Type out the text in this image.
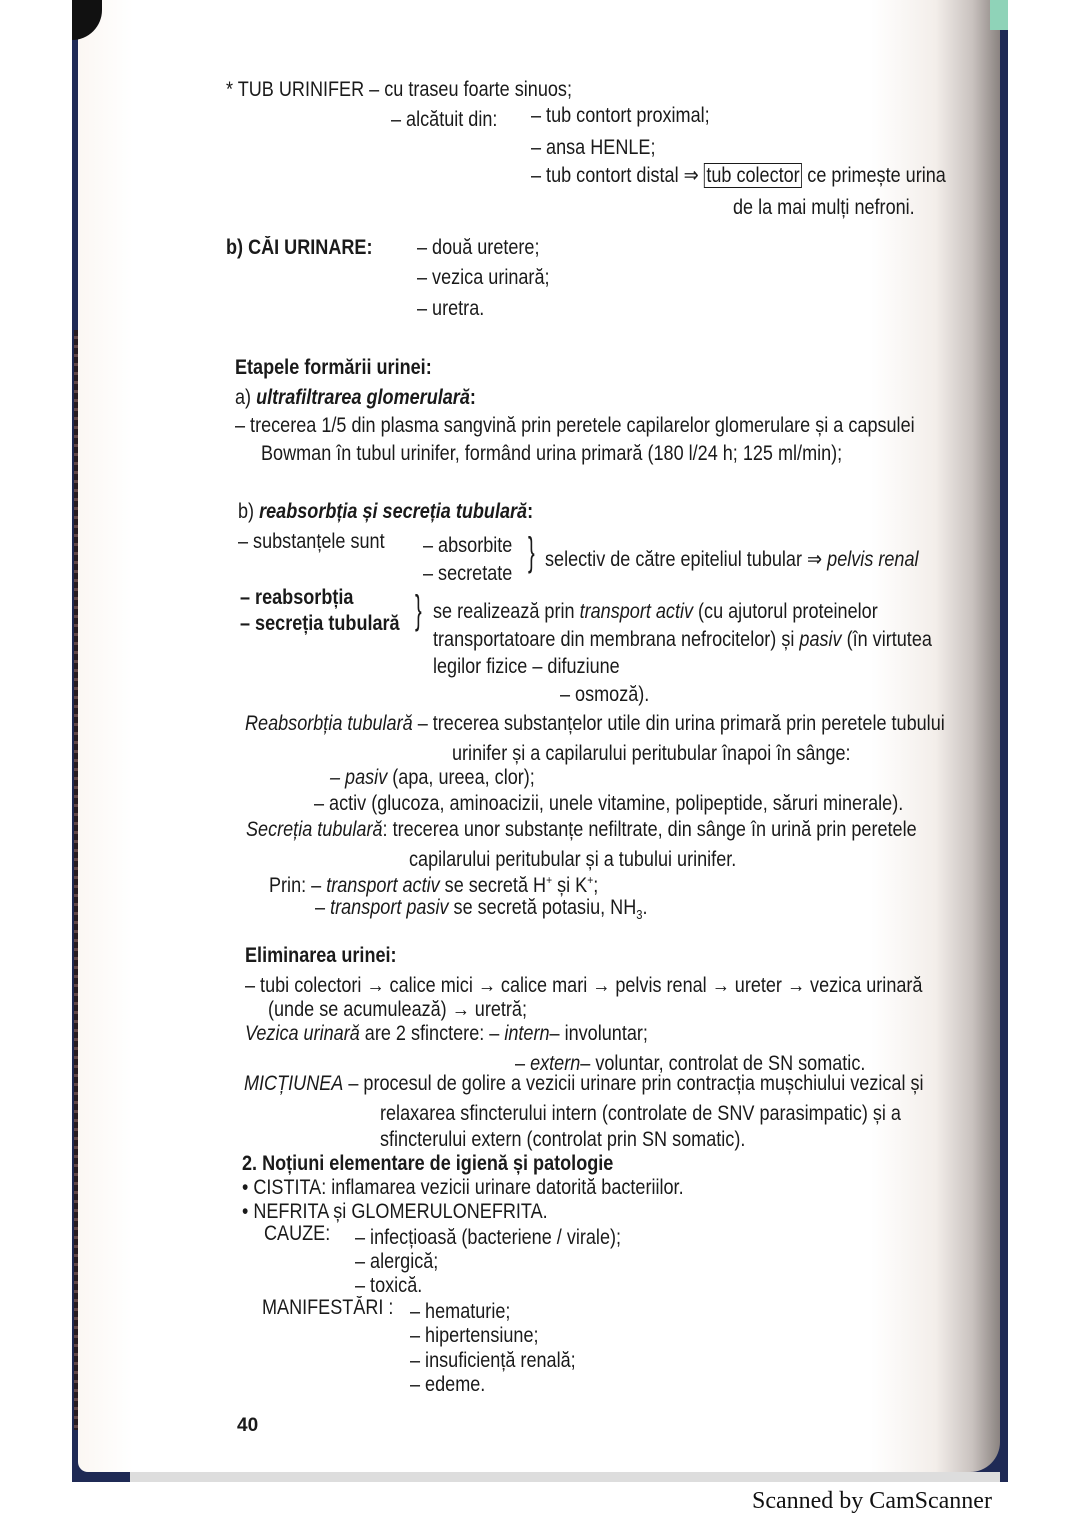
* TUB URINIFER – cu traseu foarte sinuos;
– alcătuit din: – tub contort proximal;
– ansa HENLE;
– tub contort distal ⇒ tub colector ce primește urina
de la mai mulți nefroni.
b) CĂI URINARE: – două uretere;
– vezica urinară;
– uretra.
Etapele formării urinei:
a) ultrafiltrarea glomerulară:
– trecerea 1/5 din plasma sangvină prin peretele capilarelor glomerulare și a capsulei
Bowman în tubul urinifer, formând urina primară (180 l/24 h; 125 ml/min);
b) reabsorbția și secreția tubulară:
– substanțele sunt – absorbite
– secretate } selectiv de către epiteliul tubular ⇒ pelvis renal
– reabsorbția
– secreția tubulară } se realizează prin transport activ (cu ajutorul proteinelor
transportatoare din membrana nefrocitelor) și pasiv (în virtutea
legilor fizice – difuziune
– osmoză).
Reabsorbția tubulară – trecerea substanțelor utile din urina primară prin peretele tubului
urinifer și a capilarului peritubular înapoi în sânge:
– pasiv (apa, ureea, clor);
– activ (glucoza, aminoacizii, unele vitamine, polipeptide, săruri minerale).
Secreția tubulară: trecerea unor substanțe nefiltrate, din sânge în urină prin peretele
capilarului peritubular și a tubului urinifer.
Prin: – transport activ se secretă H+ și K+;
– transport pasiv se secretă potasiu, $NH_3$.
Eliminarea urinei:
– tubi colectori → calice mici → calice mari → pelvis renal → ureter → vezica urinară
(unde se acumulează) → uretră;
Vezica urinară are 2 sfinctere: – intern– involuntar;
– extern– voluntar, controlat de SN somatic.
MICȚIUNEA – procesul de golire a vezicii urinare prin contracția mușchiului vezical și
relaxarea sfincterului intern (controlate de SNV parasimpatic) și a
sfincterului extern (controlat prin SN somatic).
2. Noțiuni elementare de igienă și patologie
• CISTITA: inflamarea vezicii urinare datorită bacteriilor.
• NEFRITA și GLOMERULONEFRITA.
CAUZE: – infecțioasă (bacteriene / virale);
– alergică;
– toxică.
MANIFESTĂRI : – hematurie;
– hipertensiune;
– insuficiență renală;
– edeme.
40
Scanned by CamScanner
